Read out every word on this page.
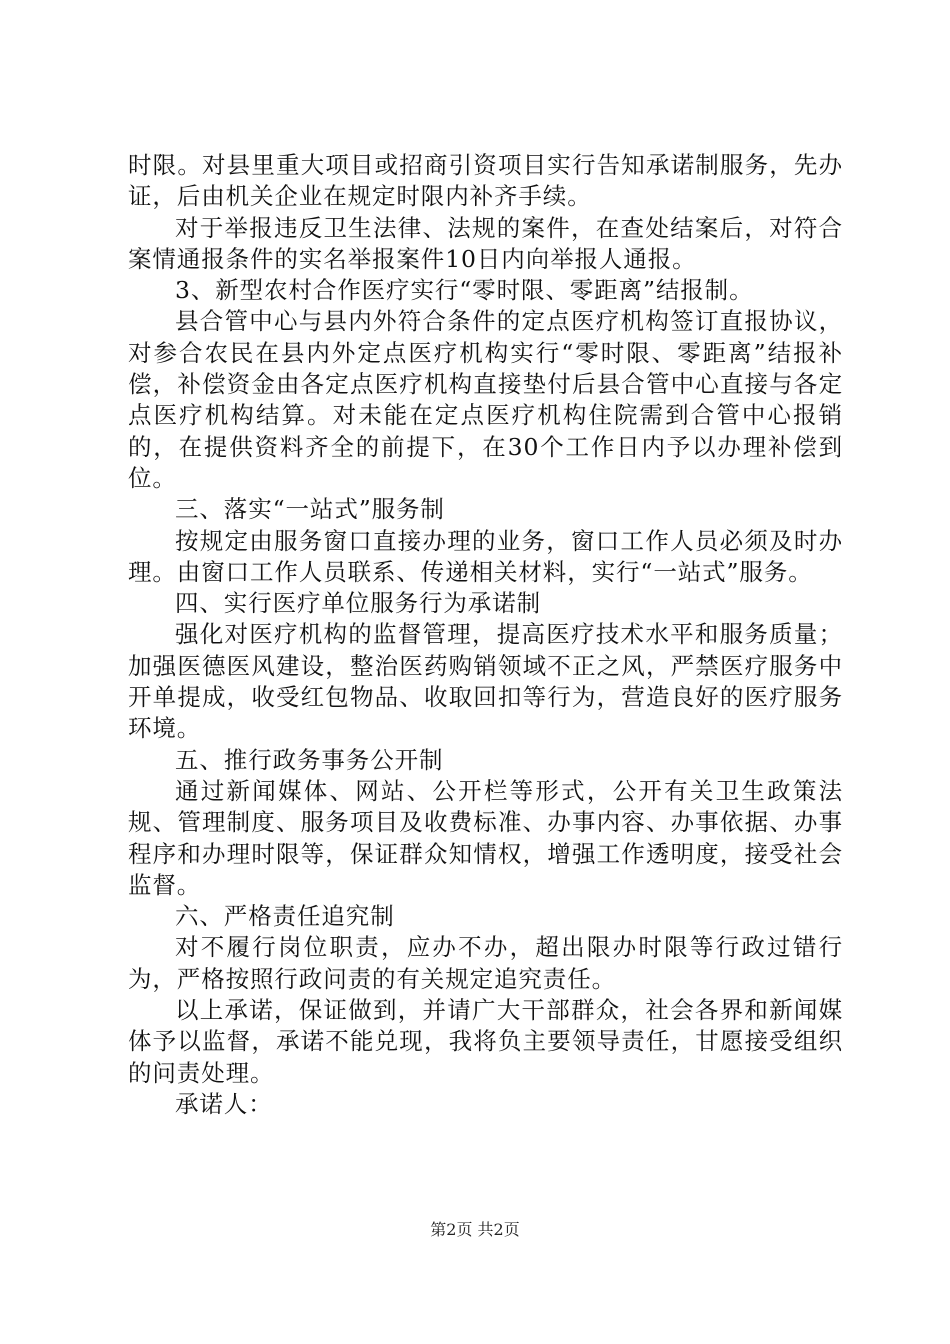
时限。对县里重大项目或招商引资项目实行告知承诺制服务，先办证，后由机关企业在规定时限内补齐手续。

对于举报违反卫生法律、法规的案件，在查处结案后，对符合案情通报条件的实名举报案件10日内向举报人通报。

3、新型农村合作医疗实行“零时限、零距离”结报制。

县合管中心与县内外符合条件的定点医疗机构签订直报协议，对参合农民在县内外定点医疗机构实行“零时限、零距离”结报补偿，补偿资金由各定点医疗机构直接垫付后县合管中心直接与各定点医疗机构结算。对未能在定点医疗机构住院需到合管中心报销的，在提供资料齐全的前提下，在30个工作日内予以办理补偿到位。

三、落实“一站式”服务制

按规定由服务窗口直接办理的业务，窗口工作人员必须及时办理。由窗口工作人员联系、传递相关材料，实行“一站式”服务。

四、实行医疗单位服务行为承诺制

强化对医疗机构的监督管理，提高医疗技术水平和服务质量；加强医德医风建设，整治医药购销领域不正之风，严禁医疗服务中开单提成，收受红包物品、收取回扣等行为，营造良好的医疗服务环境。

五、推行政务事务公开制

通过新闻媒体、网站、公开栏等形式，公开有关卫生政策法规、管理制度、服务项目及收费标准、办事内容、办事依据、办事程序和办理时限等，保证群众知情权，增强工作透明度，接受社会监督。

六、严格责任追究制

对不履行岗位职责，应办不办，超出限办时限等行政过错行为，严格按照行政问责的有关规定追究责任。

以上承诺，保证做到，并请广大干部群众，社会各界和新闻媒体予以监督，承诺不能兑现，我将负主要领导责任，甘愿接受组织的问责处理。

承诺人：

第2页 共2页
